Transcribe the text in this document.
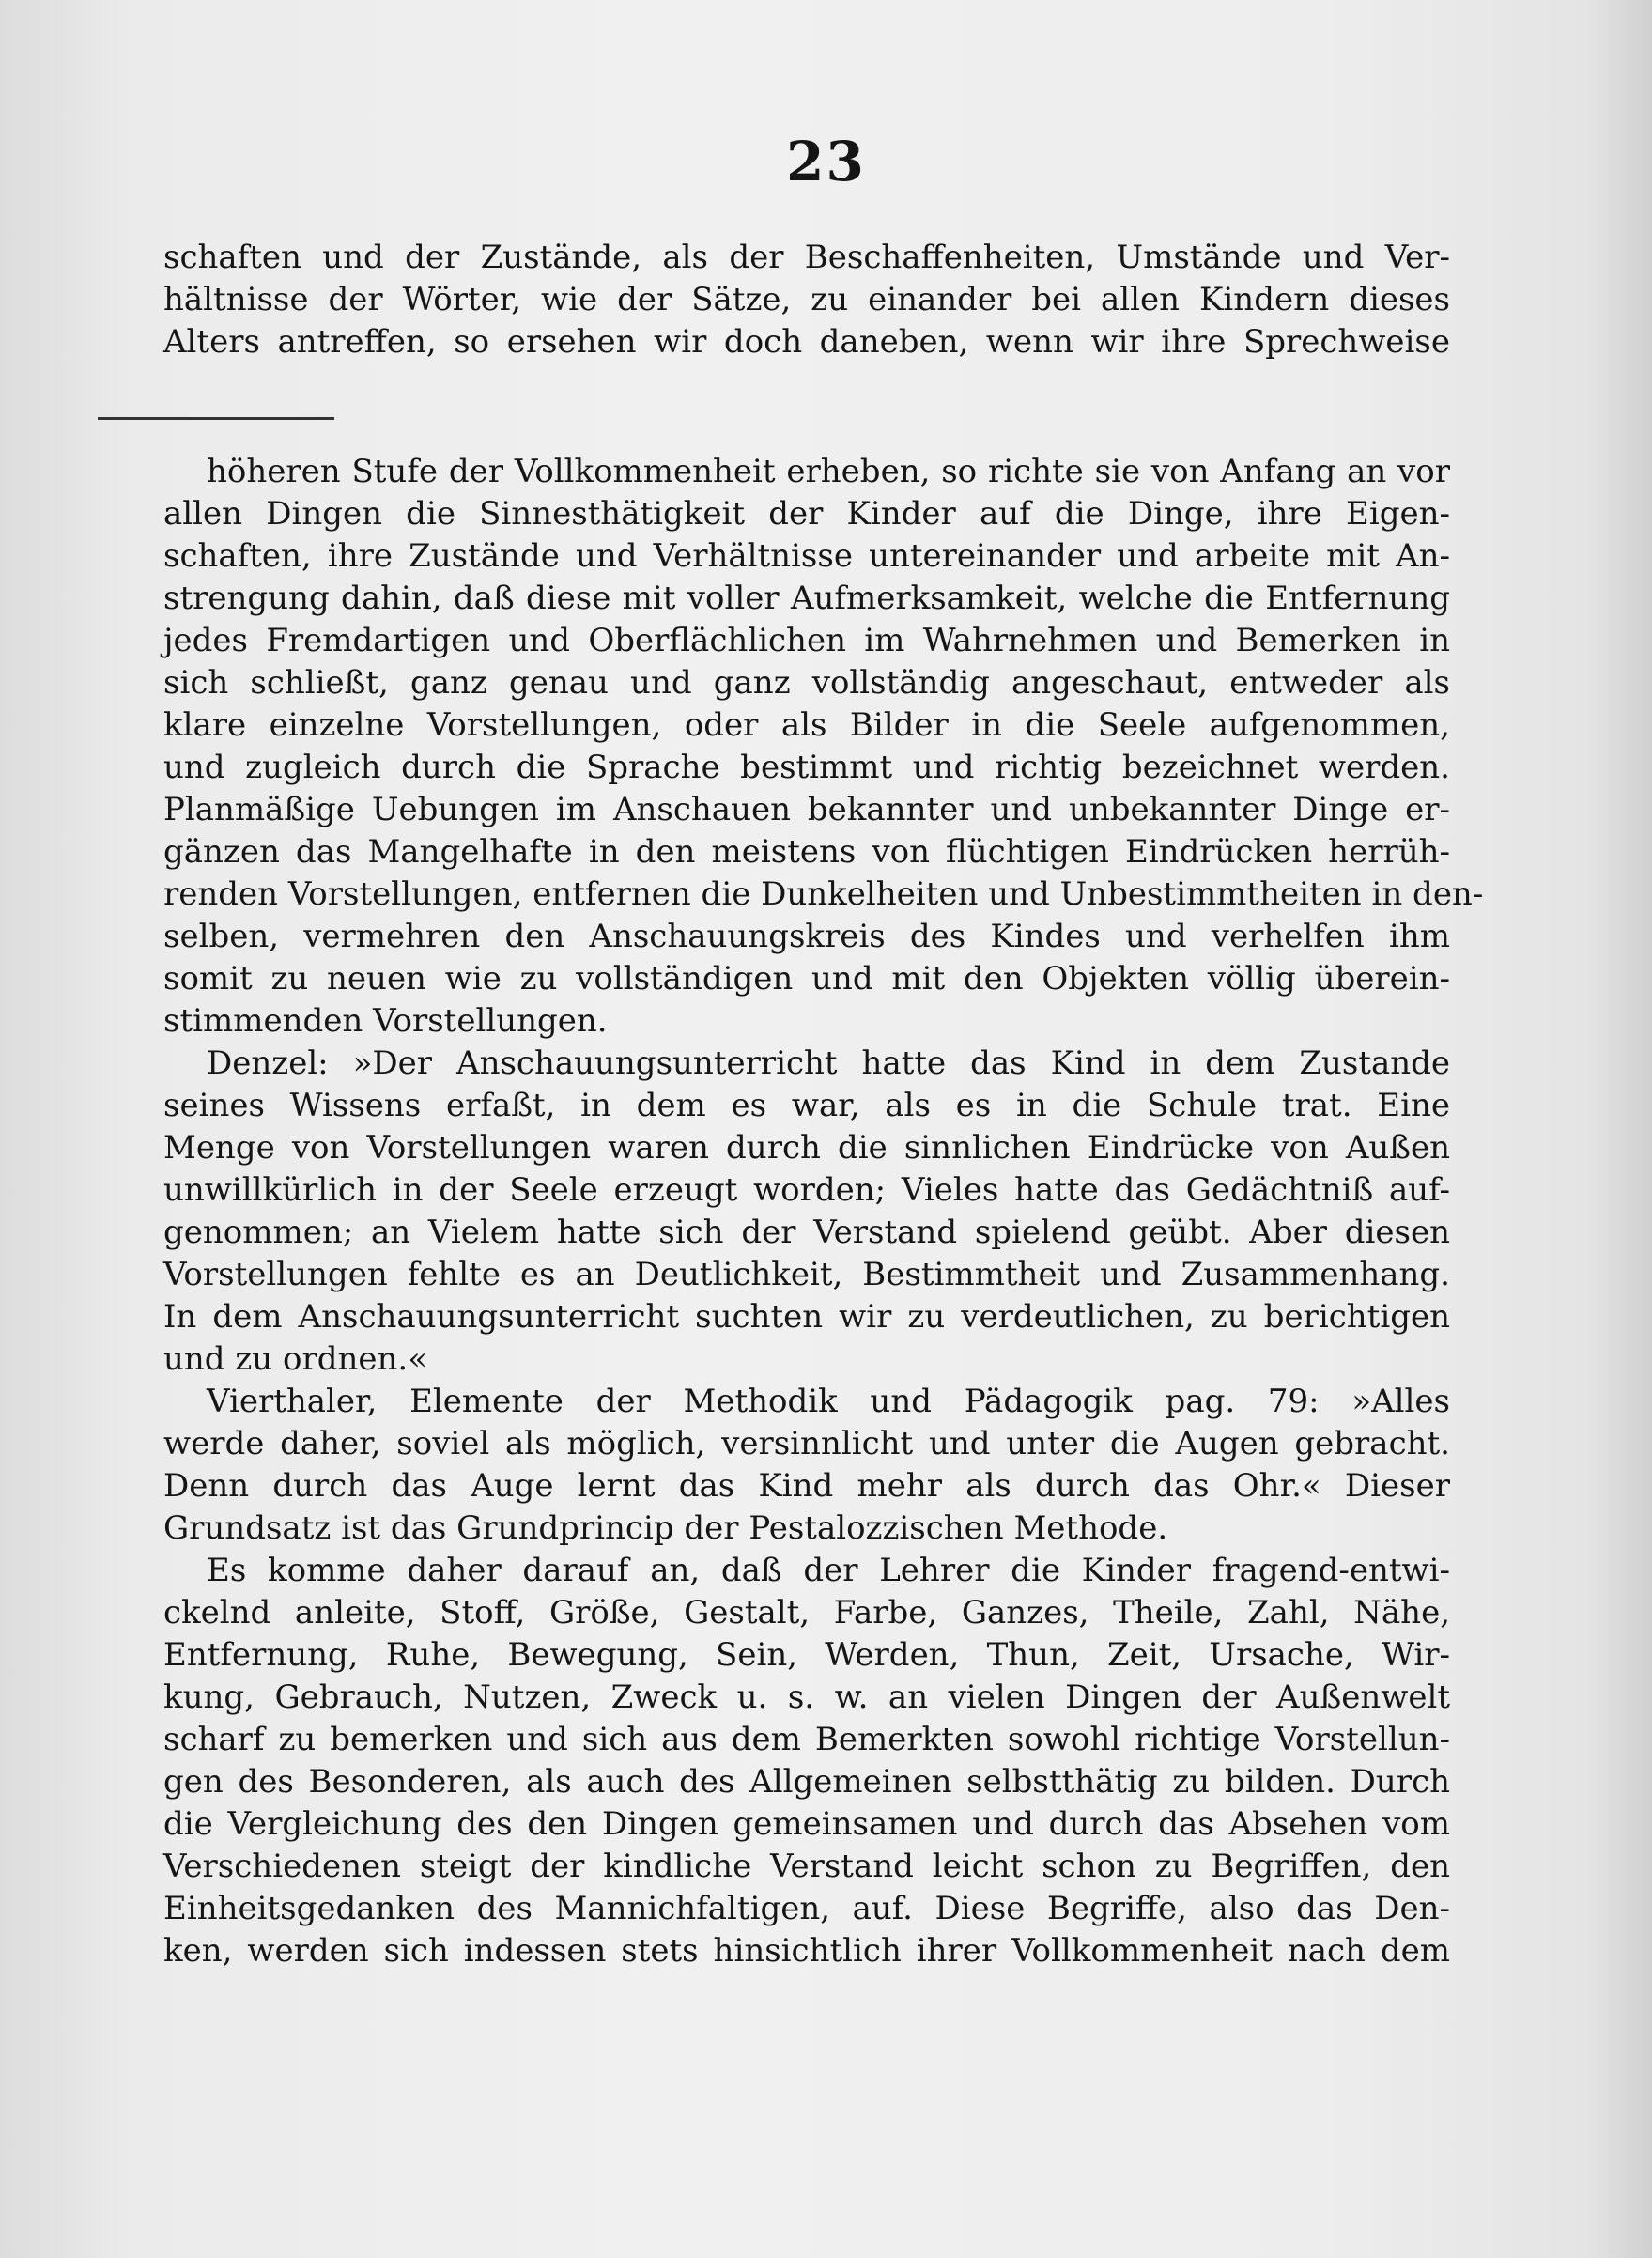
23
schaften und der Zustände, als der Beschaffenheiten, Umstände und Ver-
hältnisse der Wörter, wie der Sätze, zu einander bei allen Kindern dieses
Alters antreffen, so ersehen wir doch daneben, wenn wir ihre Sprechweise
höheren Stufe der Vollkommenheit erheben, so richte sie von Anfang an vor
allen Dingen die Sinnesthätigkeit der Kinder auf die Dinge, ihre Eigen-
schaften, ihre Zustände und Verhältnisse untereinander und arbeite mit An-
strengung dahin, daß diese mit voller Aufmerksamkeit, welche die Entfernung
jedes Fremdartigen und Oberflächlichen im Wahrnehmen und Bemerken in
sich schließt, ganz genau und ganz vollständig angeschaut, entweder als
klare einzelne Vorstellungen, oder als Bilder in die Seele aufgenommen,
und zugleich durch die Sprache bestimmt und richtig bezeichnet werden.
Planmäßige Uebungen im Anschauen bekannter und unbekannter Dinge er-
gänzen das Mangelhafte in den meistens von flüchtigen Eindrücken herrüh-
renden Vorstellungen, entfernen die Dunkelheiten und Unbestimmtheiten in den-
selben, vermehren den Anschauungskreis des Kindes und verhelfen ihm
somit zu neuen wie zu vollständigen und mit den Objekten völlig überein-
stimmenden Vorstellungen.
Denzel: »Der Anschauungsunterricht hatte das Kind in dem Zustande
seines Wissens erfaßt, in dem es war, als es in die Schule trat. Eine
Menge von Vorstellungen waren durch die sinnlichen Eindrücke von Außen
unwillkürlich in der Seele erzeugt worden; Vieles hatte das Gedächtniß auf-
genommen; an Vielem hatte sich der Verstand spielend geübt. Aber diesen
Vorstellungen fehlte es an Deutlichkeit, Bestimmtheit und Zusammenhang.
In dem Anschauungsunterricht suchten wir zu verdeutlichen, zu berichtigen
und zu ordnen.«
Vierthaler, Elemente der Methodik und Pädagogik pag. 79: »Alles
werde daher, soviel als möglich, versinnlicht und unter die Augen gebracht.
Denn durch das Auge lernt das Kind mehr als durch das Ohr.« Dieser
Grundsatz ist das Grundprincip der Pestalozzischen Methode.
Es komme daher darauf an, daß der Lehrer die Kinder fragend-entwi-
ckelnd anleite, Stoff, Größe, Gestalt, Farbe, Ganzes, Theile, Zahl, Nähe,
Entfernung, Ruhe, Bewegung, Sein, Werden, Thun, Zeit, Ursache, Wir-
kung, Gebrauch, Nutzen, Zweck u. s. w. an vielen Dingen der Außenwelt
scharf zu bemerken und sich aus dem Bemerkten sowohl richtige Vorstellun-
gen des Besonderen, als auch des Allgemeinen selbstthätig zu bilden. Durch
die Vergleichung des den Dingen gemeinsamen und durch das Absehen vom
Verschiedenen steigt der kindliche Verstand leicht schon zu Begriffen, den
Einheitsgedanken des Mannichfaltigen, auf. Diese Begriffe, also das Den-
ken, werden sich indessen stets hinsichtlich ihrer Vollkommenheit nach dem
